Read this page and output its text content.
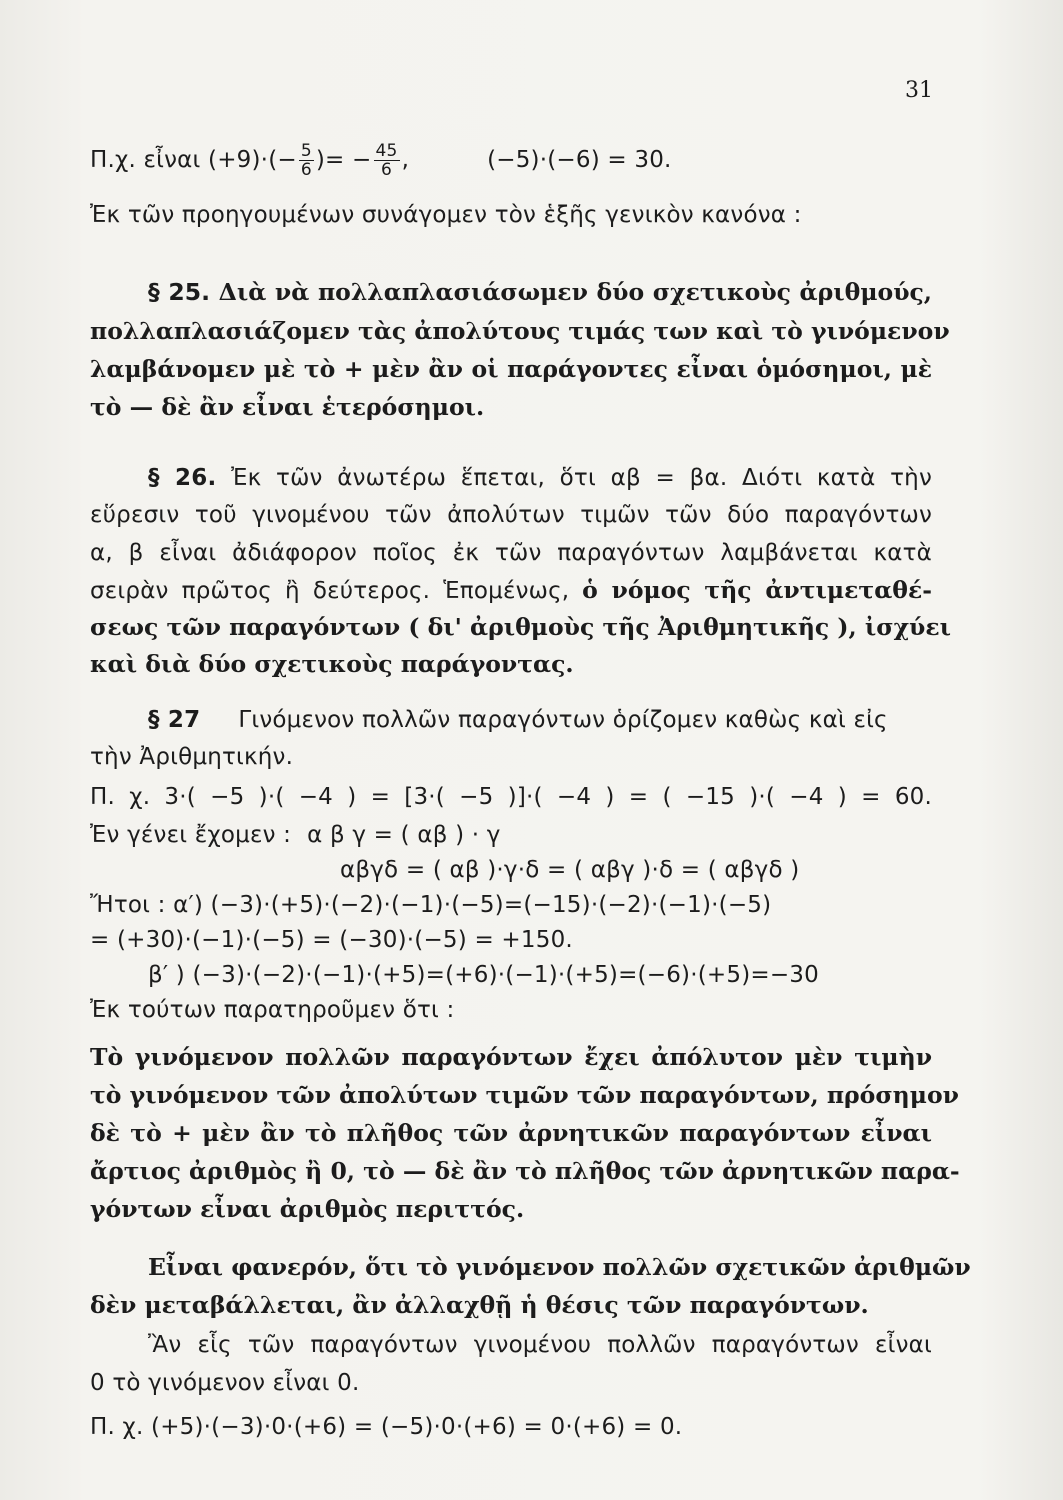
31
Π.χ. εἶναι $(+9)\cdot(- \frac{5}{6}$ )= − $\frac{45}{6}$ ,	(−5)·(−6) = 30.
Ἐκ τῶν προηγουμένων συνάγομεν τὸν ἑξῆς γενικὸν κανόνα :
§ 25. Διὰ νὰ πολλαπλασιάσωμεν δύο σχετικοὺς ἀριθμούς,
πολλαπλασιάζομεν τὰς ἀπολύτους τιμάς των καὶ τὸ γινόμενον
λαμβάνομεν μὲ τὸ + μὲν ἂν οἱ παράγοντες εἶναι ὁμόσημοι, μὲ
τὸ — δὲ ἂν εἶναι ἑτερόσημοι.
§ 26. Ἐκ τῶν ἀνωτέρω ἕπεται, ὅτι αβ = βα. Διότι κατὰ τὴν
εὕρεσιν τοῦ γινομένου τῶν ἀπολύτων τιμῶν τῶν δύο παραγόντων
α, β εἶναι ἀδιάφορον ποῖος ἐκ τῶν παραγόντων λαμβάνεται κατὰ
σειρὰν πρῶτος ἢ δεύτερος. Ἑπομένως, ὁ νόμος τῆς ἀντιμεταθέ-
σεως τῶν παραγόντων ( δι' ἀριθμοὺς τῆς Ἀριθμητικῆς ), ἰσχύει
καὶ διὰ δύο σχετικοὺς παράγοντας.
§ 27 Γινόμενον πολλῶν παραγόντων ὁρίζομεν καθὼς καὶ εἰς
τὴν Ἀριθμητικήν.
Π. χ. 3·( −5 )·( −4 ) = [3·( −5 )]·( −4 ) = ( −15 )·( −4 ) = 60.
Ἐν γένει ἔχομεν : α β γ = ( αβ ) · γ
αβγδ = ( αβ )·γ·δ = ( αβγ )·δ = ( αβγδ )
Ἤτοι : α′) (−3)·(+5)·(−2)·(−1)·(−5)=(−15)·(−2)·(−1)·(−5)
= (+30)·(−1)·(−5) = (−30)·(−5) = +150.
β′ ) (−3)·(−2)·(−1)·(+5)=(+6)·(−1)·(+5)=(−6)·(+5)=−30
Ἐκ τούτων παρατηροῦμεν ὅτι :
Τὸ γινόμενον πολλῶν παραγόντων ἔχει ἀπόλυτον μὲν τιμὴν
τὸ γινόμενον τῶν ἀπολύτων τιμῶν τῶν παραγόντων, πρόσημον
δὲ τὸ + μὲν ἂν τὸ πλῆθος τῶν ἀρνητικῶν παραγόντων εἶναι
ἄρτιος ἀριθμὸς ἢ 0, τὸ — δὲ ἂν τὸ πλῆθος τῶν ἀρνητικῶν παρα-
γόντων εἶναι ἀριθμὸς περιττός.
Εἶναι φανερόν, ὅτι τὸ γινόμενον πολλῶν σχετικῶν ἀριθμῶν
δὲν μεταβάλλεται, ἂν ἀλλαχθῇ ἡ θέσις τῶν παραγόντων.
Ἂν εἷς τῶν παραγόντων γινομένου πολλῶν παραγόντων εἶναι
0 τὸ γινόμενον εἶναι 0.
Π. χ. (+5)·(−3)·0·(+6) = (−5)·0·(+6) = 0·(+6) = 0.
